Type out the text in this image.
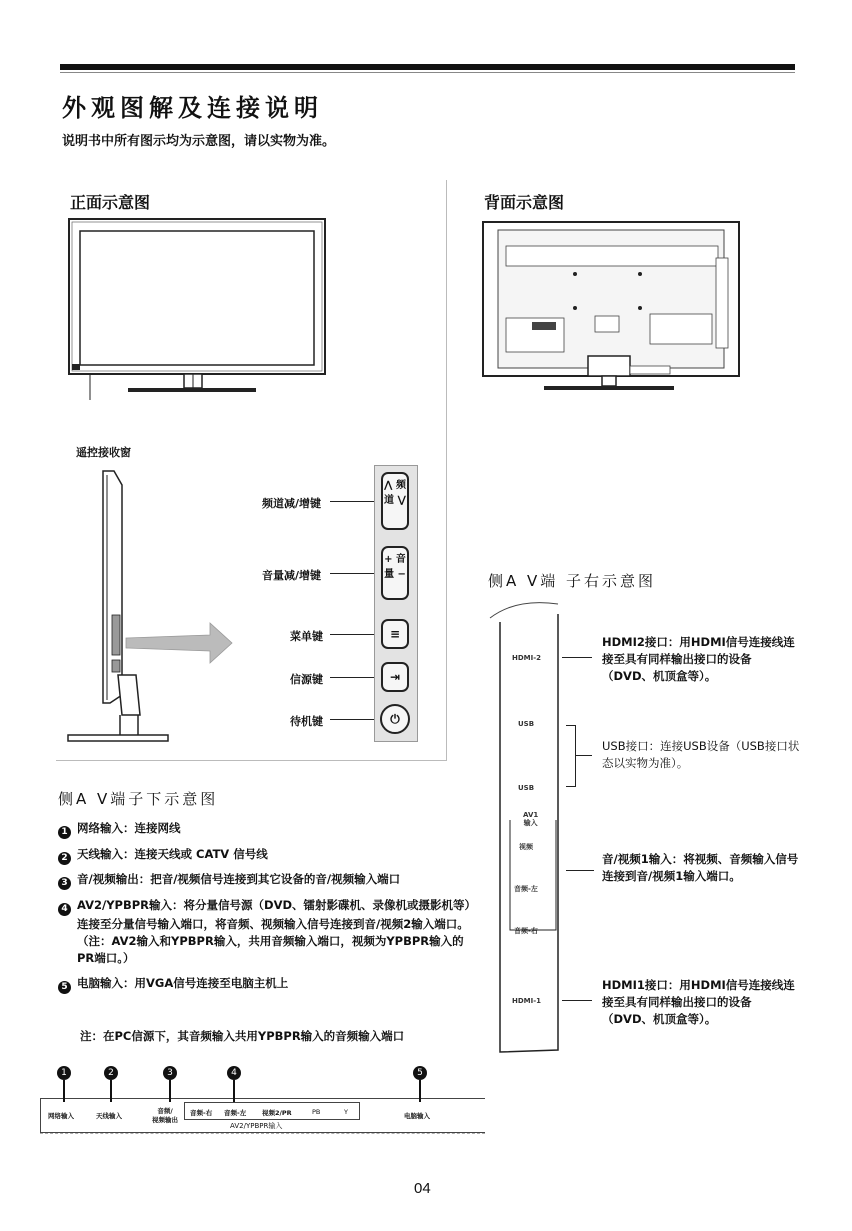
外观图解及连接说明
说明书中所有图示均为示意图，请以实物为准。
正面示意图
遥控接收窗
⋀ 频道 ⋁
+ 音量 −
≡
⇥
⏻
频道减/增键
音量减/增键
菜单键
信源键
待机键
背面示意图
侧A V端子下示意图
1 网络输入：连接网线
2 天线输入：连接天线或 CATV 信号线
3 音/视频输出：把音/视频信号连接到其它设备的音/视频输入端口
4 AV2/YPBPR输入：将分量信号源（DVD、镭射影碟机、录像机或摄影机等）连接至分量信号输入端口，将音频、视频输入信号连接到音/视频2输入端口。（注：AV2输入和YPBPR输入，共用音频输入端口，视频为YPBPR输入的PR端口。）
5 电脑输入：用VGA信号连接至电脑主机上
注：在PC信源下，其音频输入共用YPBPR输入的音频输入端口
1	2	3	4	5
网络输入	天线输入
音频/
视频输出
音频-右 音频-左 视频2/PR	PB	Y
AV2/YPBPR输入
电脑输入
侧A V端 子右示意图
HDMI-2
USB
USB
AV1
输入
视频
音频-左
音频-右
HDMI-1
HDMI2接口：用HDMI信号连接线连接至具有同样输出接口的设备（DVD、机顶盒等）。
USB接口：连接USB设备（USB接口状态以实物为准）。
音/视频1输入：将视频、音频输入信号连接到音/视频1输入端口。
HDMI1接口：用HDMI信号连接线连接至具有同样输出接口的设备（DVD、机顶盒等）。
04
